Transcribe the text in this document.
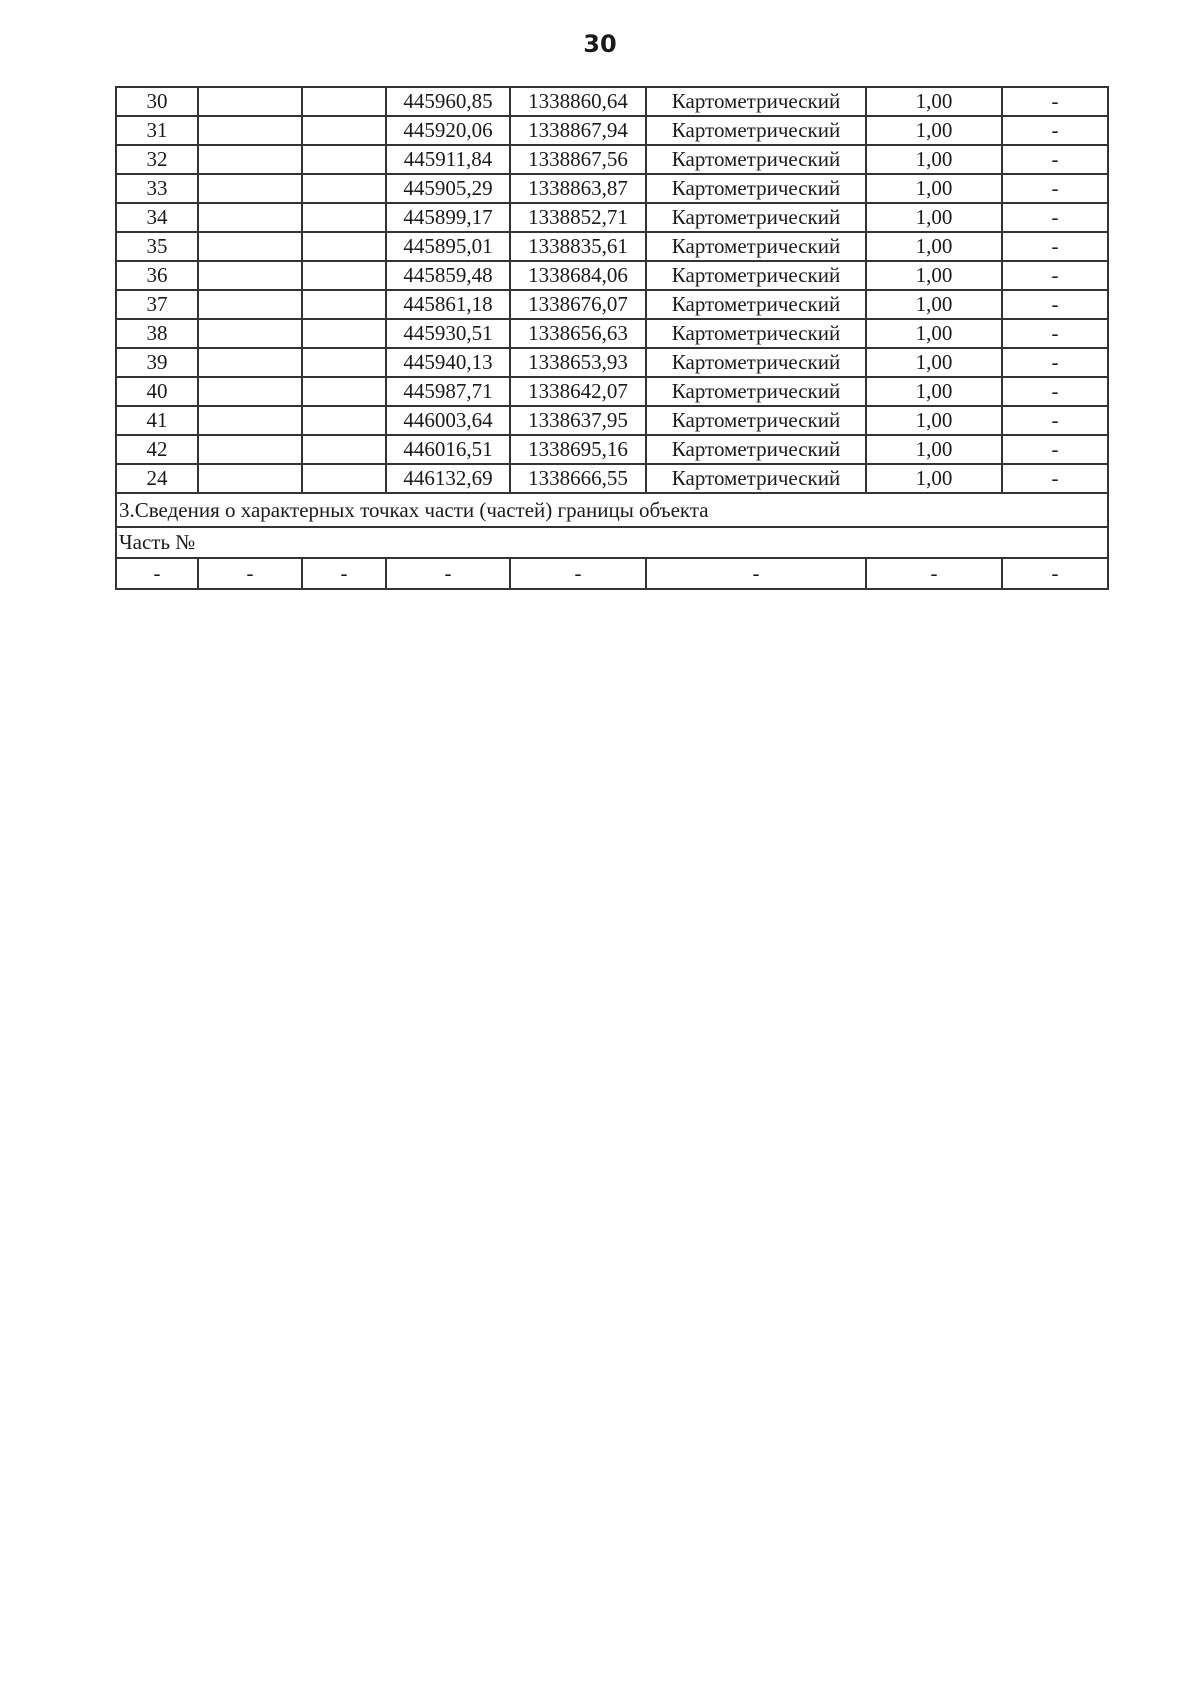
30
30			445960,85	1338860,64	Картометрический	1,00	-
31			445920,06	1338867,94	Картометрический	1,00	-
32			445911,84	1338867,56	Картометрический	1,00	-
33			445905,29	1338863,87	Картометрический	1,00	-
34			445899,17	1338852,71	Картометрический	1,00	-
35			445895,01	1338835,61	Картометрический	1,00	-
36			445859,48	1338684,06	Картометрический	1,00	-
37			445861,18	1338676,07	Картометрический	1,00	-
38			445930,51	1338656,63	Картометрический	1,00	-
39			445940,13	1338653,93	Картометрический	1,00	-
40			445987,71	1338642,07	Картометрический	1,00	-
41			446003,64	1338637,95	Картометрический	1,00	-
42			446016,51	1338695,16	Картометрический	1,00	-
24			446132,69	1338666,55	Картометрический	1,00	-
3.Сведения о характерных точках части (частей) границы объекта							
Часть №							
-	-	-	-	-	-	-	-
